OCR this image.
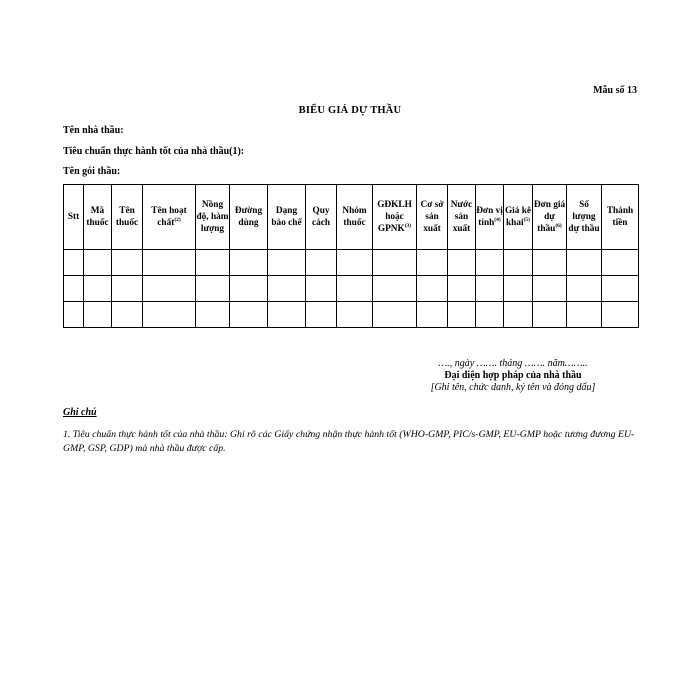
Mẫu số 13
BIỂU GIÁ DỰ THẦU
Tên nhà thầu:
Tiêu chuẩn thực hành tốt của nhà thầu(1):
Tên gói thầu:
Stt	Mã thuốc	Tên thuốc	Tên hoạt chất$^{(2)}$	Nồng độ, hàm lượng	Đường dùng	Dạng bào chế	Quy cách	Nhóm thuốc	GĐKLH hoặc GPNK$^{(3)}$	Cơ sở sản xuất	Nước sản xuất	Đơn vị tính$^{(4)}$	Giá kê khai$^{(5)}$	Đơn giá dự thầu$^{(6)}$	Số lượng dự thầu	Thành tiền

…., ngày ……. tháng ……. năm……..
Đại diện hợp pháp của nhà thầu
[Ghi tên, chức danh, ký tên và đóng dấu]
Ghi chú
1. Tiêu chuẩn thực hành tốt của nhà thầu: Ghi rõ các Giấy chứng nhận thực hành tốt (WHO-GMP, PIC/s-GMP, EU-GMP hoặc tương đương EU-GMP, GSP, GDP) mà nhà thầu được cấp.
